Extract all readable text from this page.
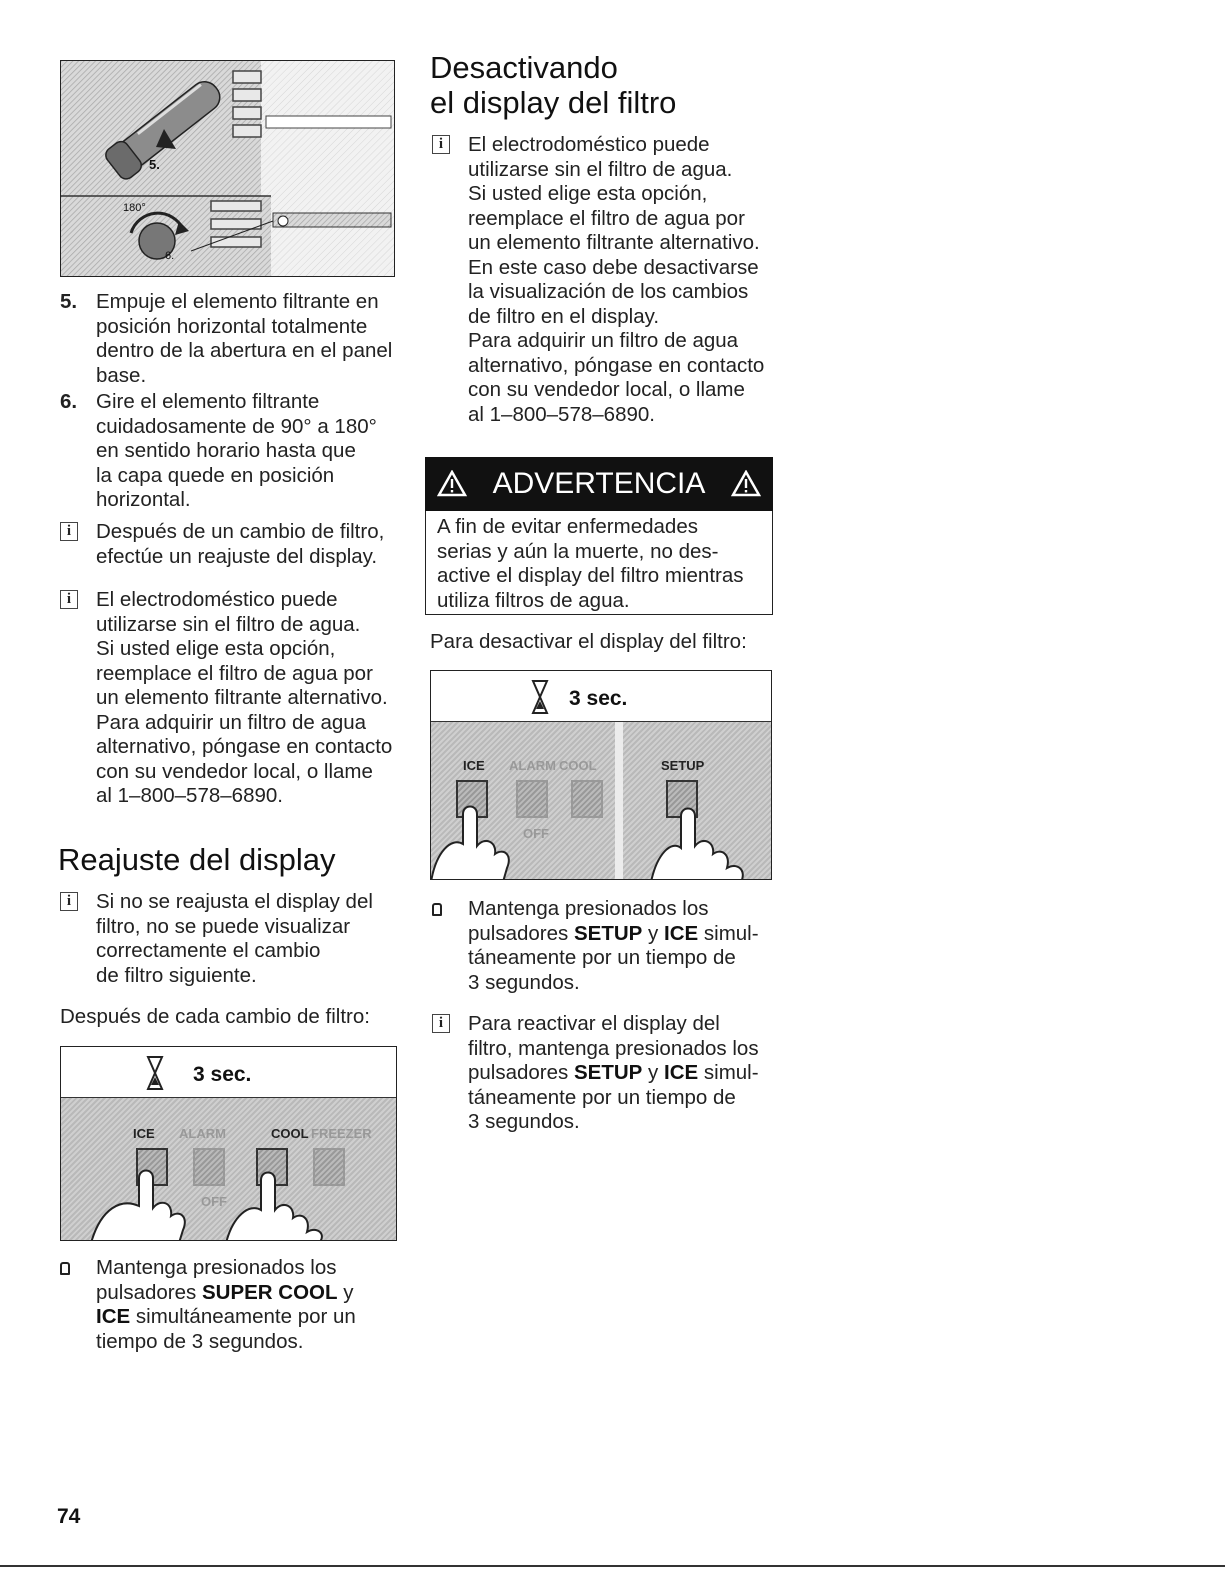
5.
180°
6.
5. Empuje el elemento filtrante en
posición horizontal totalmente
dentro de la abertura en el panel
base.
6. Gire el elemento filtrante
cuidadosamente de 90° a 180°
en sentido horario hasta que
la capa quede en posición
horizontal.
i	Después de un cambio de filtro,
efectúe un reajuste del display.
i	El electrodoméstico puede
utilizarse sin el filtro de agua.
Si usted elige esta opción,
reemplace el filtro de agua por
un elemento filtrante alternativo.
Para adquirir un filtro de agua
alternativo, póngase en contacto
con su vendedor local, o llame
al 1–800–578–6890.
Reajuste del display
i	Si no se reajusta el display del
filtro, no se puede visualizar
correctamente el cambio
de filtro siguiente.
Después de cada cambio de filtro:
3 sec.
ICE ALARM	COOL FREEZER
OFF
Mantenga presionados los
pulsadores SUPER COOL y
ICE simultáneamente por un
tiempo de 3 segundos.
Desactivando
el display del filtro
i	El electrodoméstico puede
utilizarse sin el filtro de agua.
Si usted elige esta opción,
reemplace el filtro de agua por
un elemento filtrante alternativo.
En este caso debe desactivarse
la visualización de los cambios
de filtro en el display.
Para adquirir un filtro de agua
alternativo, póngase en contacto
con su vendedor local, o llame
al 1–800–578–6890.
ADVERTENCIA
A fin de evitar enfermedades
serias y aún la muerte, no des-
active el display del filtro mientras
utiliza filtros de agua.
Para desactivar el display del filtro:
3 sec.
ICE ALARM COOL	SETUP
OFF
Mantenga presionados los
pulsadores SETUP y ICE simul-
táneamente por un tiempo de
3 segundos.
i	Para reactivar el display del
filtro, mantenga presionados los
pulsadores SETUP y ICE simul-
táneamente por un tiempo de
3 segundos.
74
